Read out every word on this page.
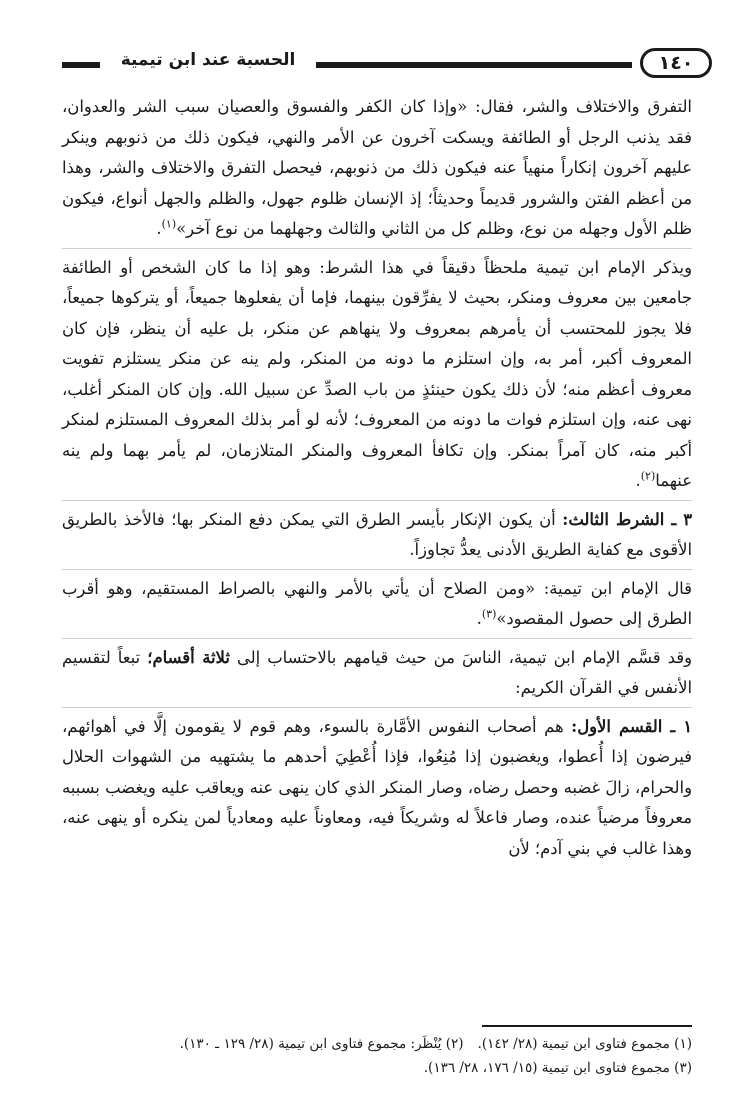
الحسبة عند ابن تيمية	١٤٠

التفرق والاختلاف والشر، فقال: «وإذا كان الكفر والفسوق والعصيان سبب الشر والعدوان، فقد يذنب الرجل أو الطائفة ويسكت آخرون عن الأمر والنهي، فيكون ذلك من ذنوبهم وينكر عليهم آخرون إنكاراً منهياً عنه فيكون ذلك من ذنوبهم، فيحصل التفرق والاختلاف والشر، وهذا من أعظم الفتن والشرور قديماً وحديثاً؛ إذ الإنسان ظلوم جهول، والظلم والجهل أنواع، فيكون ظلم الأول وجهله من نوع، وظلم كل من الثاني والثالث وجهلهما من نوع آخر»$^{(١)}$.

ويذكر الإمام ابن تيمية ملحظاً دقيقاً في هذا الشرط: وهو إذا ما كان الشخص أو الطائفة جامعين بين معروف ومنكر، بحيث لا يفرِّقون بينهما، فإما أن يفعلوها جميعاً، أو يتركوها جميعاً، فلا يجوز للمحتسب أن يأمرهم بمعروف ولا ينهاهم عن منكر، بل عليه أن ينظر، فإن كان المعروف أكبر، أمر به، وإن استلزم ما دونه من المنكر، ولم ينه عن منكر يستلزم تفويت معروف أعظم منه؛ لأن ذلك يكون حينئذٍ من باب الصدِّ عن سبيل الله. وإن كان المنكر أغلب، نهى عنه، وإن استلزم فوات ما دونه من المعروف؛ لأنه لو أمر بذلك المعروف المستلزم لمنكر أكبر منه، كان آمراً بمنكر. وإن تكافأ المعروف والمنكر المتلازمان، لم يأمر بهما ولم ينه عنهما$^{(٢)}$.

٣ ـ الشرط الثالث: أن يكون الإنكار بأيسر الطرق التي يمكن دفع المنكر بها؛ فالأخذ بالطريق الأقوى مع كفاية الطريق الأدنى يعدُّ تجاوزاً.

قال الإمام ابن تيمية: «ومن الصلاح أن يأتي بالأمر والنهي بالصراط المستقيم، وهو أقرب الطرق إلى حصول المقصود»$^{(٣)}$.

وقد قسَّم الإمام ابن تيمية، الناسَ من حيث قيامهم بالاحتساب إلى ثلاثة أقسام؛ تبعاً لتقسيم الأنفس في القرآن الكريم:

١ ـ القسم الأول: هم أصحاب النفوس الأمَّارة بالسوء، وهم قوم لا يقومون إلَّا في أهوائهم، فيرضون إذا أُعطوا، ويغضبون إذا مُنِعُوا، فإذا أُعْطِيَ أحدهم ما يشتهيه من الشهوات الحلال والحرام، زالَ غضبه وحصل رضاه، وصار المنكر الذي كان ينهى عنه ويعاقب عليه ويغضب بسببه معروفاً مرضياً عنده، وصار فاعلاً له وشريكاً فيه، ومعاوناً عليه ومعادياً لمن ينكره أو ينهى عنه، وهذا غالب في بني آدم؛ لأن

(١) مجموع فتاوى ابن تيمية (٢٨/ ١٤٢).(٢) يُنْظَر: مجموع فتاوى ابن تيمية (٢٨/ ١٢٩ ـ ١٣٠).
(٣) مجموع فتاوى ابن تيمية (١٥/ ١٧٦، ٢٨/ ١٣٦).
